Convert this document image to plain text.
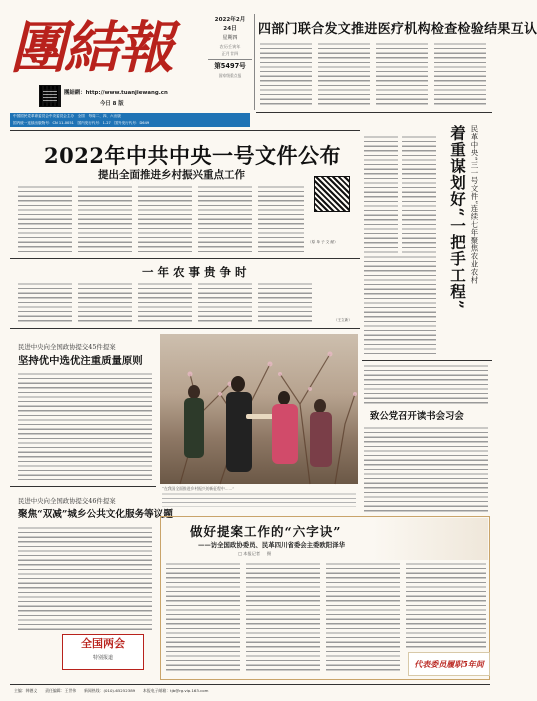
團結報
團結網：http://www.tuanjiewang.cn
今日 8 版
2022年2月
24日
星期四
农历壬寅年
正月廿四
第5497号
国家级重点报
中国国民党革命委员会中央委员会主办　全国　每周二、四、六出版
国内统一连续出版物号：CN 11-0051　国内发行代号：1-27　国外发行代号：D649
四部门联合发文推进医疗机构检查检验结果互认
2022年中共中央一号文件公布
提出全面推进乡村振兴重点工作
（原 单 子 文 献）
一 年 农 事 贵 争 时
（王立新）
民革中央“三一号文件”连续七年聚焦农业农村
着重谋划好“一把手工程”
民进中央向全国政协提交45件提案
坚持优中选优注重质量原则
民进中央向全国政协提交46件提案
聚焦“双减”城乡公共文化服务等议题
全国两会
特别报道
“在我国全面推进乡村振兴的新征程中……”
致公党召开读书会习会
做好提案工作的“六字诀”
——访全国政协委员、民革四川省委会主委欧阳泽华
□ 本报记者 　 摄
代表委员履职5年间
主编：韩德义　　责任编辑：王世伟　　新闻热线：(010)-65252389　　本报电子邮箱：tjb@rg.vip.163.com
